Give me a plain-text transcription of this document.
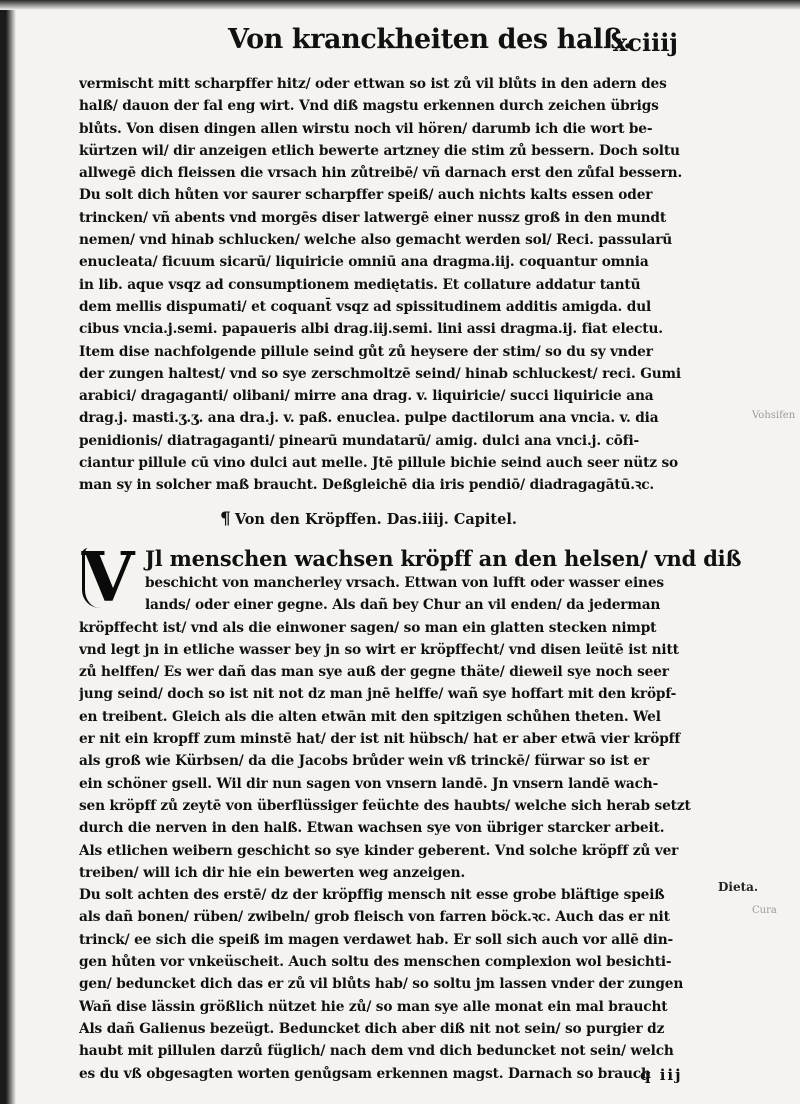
Von kranckheiten des halß.
xciiij
vermischt mitt scharpffer hitz/ oder ettwan so ist zů vil blůts in den adern des
halß/ dauon der fal eng wirt. Vnd diß magstu erkennen durch zeichen übrigs
blůts. Von disen dingen allen wirstu noch vil hören/ darumb ich die wort be-
kürtzen wil/ dir anzeigen etlich bewerte artzney die stim zů bessern. Doch soltu
allwegē dich fleissen die vrsach hin zůtreibē/ vñ darnach erst den zůfal bessern.
Du solt dich hůten vor saurer scharpffer speiß/ auch nichts kalts essen oder
trincken/ vñ abents vnd morgēs diser latwergē einer nussz groß in den mundt
nemen/ vnd hinab schlucken/ welche also gemacht werden sol/ Reci. passularū
enucleata/ ficuum sicarū/ liquiricie omniū ana dragma.iij. coquantur omnia
in lib. aque vsqz ad consumptionem mediętatis. Et collature addatur tantū
dem mellis dispumati/ et coquant̄ vsqz ad spissitudinem additis amigda. dul
cibus vncia.j.semi. papaueris albi drag.iij.semi. lini assi dragma.ij. fiat electu.
Item dise nachfolgende pillule seind gůt zů heysere der stim/ so du sy vnder
der zungen haltest/ vnd so sye zerschmoltzē seind/ hinab schluckest/ reci. Gumi
arabici/ dragaganti/ olibani/ mirre ana drag. v. liquiricie/ succi liquiricie ana
drag.j. masti.ʒ.ʒ. ana dra.j. v. paß. enuclea. pulpe dactilorum ana vncia. v. dia
penidionis/ diatragaganti/ pinearū mundatarū/ amig. dulci ana vnci.j. cōfi-
ciantur pillule cū vino dulci aut melle. Jtē pillule bichie seind auch seer nütz so
man sy in solcher maß braucht. Deßgleichē dia iris pendiō/ diadragagātū.ꝛc.
¶ Von den Kröpffen. Das.iiij. Capitel.
V Jl menschen wachsen kröpff an den helsen/ vnd diß
beschicht von mancherley vrsach. Ettwan von lufft oder wasser eines
lands/ oder einer gegne. Als dañ bey Chur an vil enden/ da jederman
kröpffecht ist/ vnd als die einwoner sagen/ so man ein glatten stecken nimpt
vnd legt jn in etliche wasser bey jn so wirt er kröpffecht/ vnd disen leütē ist nitt
zů helffen/ Es wer dañ das man sye auß der gegne thäte/ dieweil sye noch seer
jung seind/ doch so ist nit not dz man jnē helffe/ wañ sye hoffart mit den kröpf-
en treibent. Gleich als die alten etwān mit den spitzigen schůhen theten. Wel
er nit ein kropff zum minstē hat/ der ist nit hübsch/ hat er aber etwā vier kröpff
als groß wie Kürbsen/ da die Jacobs brůder wein vß trinckē/ fürwar so ist er
ein schöner gsell. Wil dir nun sagen von vnsern landē. Jn vnsern landē wach-
sen kröpff zů zeytē von überflüssiger feüchte des haubts/ welche sich herab setzt
durch die nerven in den halß. Etwan wachsen sye von übriger starcker arbeit.
Als etlichen weibern geschicht so sye kinder geberent. Vnd solche kröpff zů ver
treiben/ will ich dir hie ein bewerten weg anzeigen.
Du solt achten des erstē/ dz der kröpffig mensch nit esse grobe bläftige speiß
als dañ bonen/ rüben/ zwibeln/ grob fleisch von farren böck.ꝛc. Auch das er nit
trinck/ ee sich die speiß im magen verdawet hab. Er soll sich auch vor allē din-
gen hůten vor vnkeüscheit. Auch soltu des menschen complexion wol besichti-
gen/ beduncket dich das er zů vil blůts hab/ so soltu jm lassen vnder der zungen
Wañ dise lässin größlich nützet hie zů/ so man sye alle monat ein mal braucht
Als dañ Galienus bezeügt. Beduncket dich aber diß nit not sein/ so purgier dz
haubt mit pillulen darzů füglich/ nach dem vnd dich beduncket not sein/ welch
es du vß obgesagten worten genůgsam erkennen magst. Darnach so brauch
Vohsifen
Dieta.
Cura
q iij
